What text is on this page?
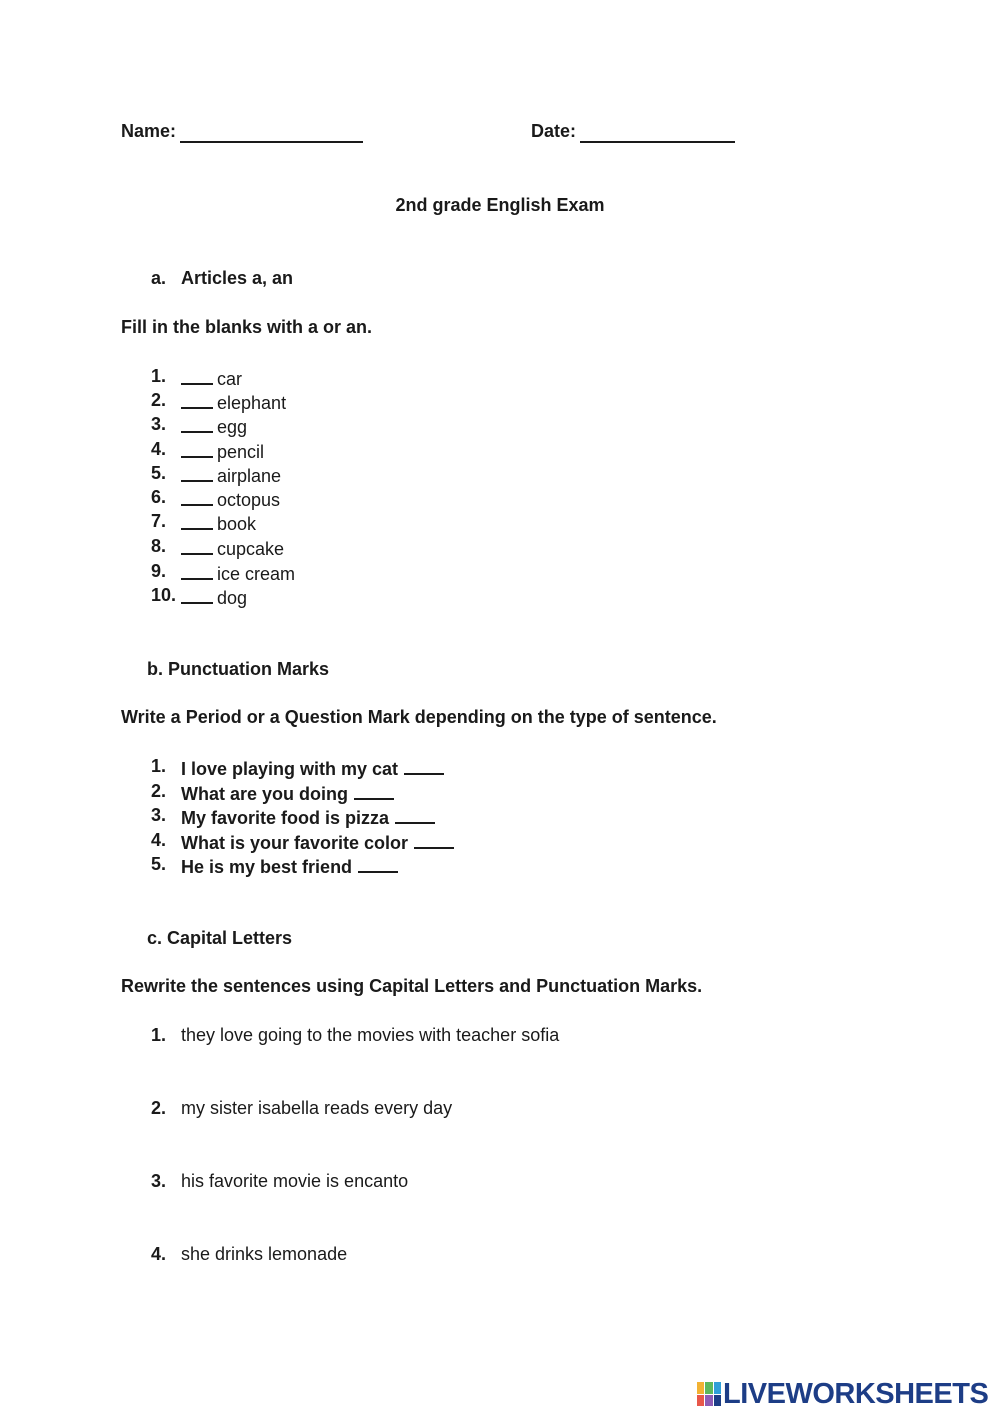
Name:	Date:
2nd grade English Exam
a. Articles a, an
Fill in the blanks with a or an.
1.	car
2.	elephant
3.	egg
4.	pencil
5.	airplane
6.	octopus
7.	book
8.	cupcake
9.	ice cream
10.	dog
b. Punctuation Marks
Write a Period or a Question Mark depending on the type of sentence.
1. I love playing with my cat
2. What are you doing
3. My favorite food is pizza
4. What is your favorite color
5. He is my best friend
c. Capital Letters
Rewrite the sentences using Capital Letters and Punctuation Marks.
1. they love going to the movies with teacher sofia
2. my sister isabella reads every day
3. his favorite movie is encanto
4. she drinks lemonade
LIVEWORKSHEETS
